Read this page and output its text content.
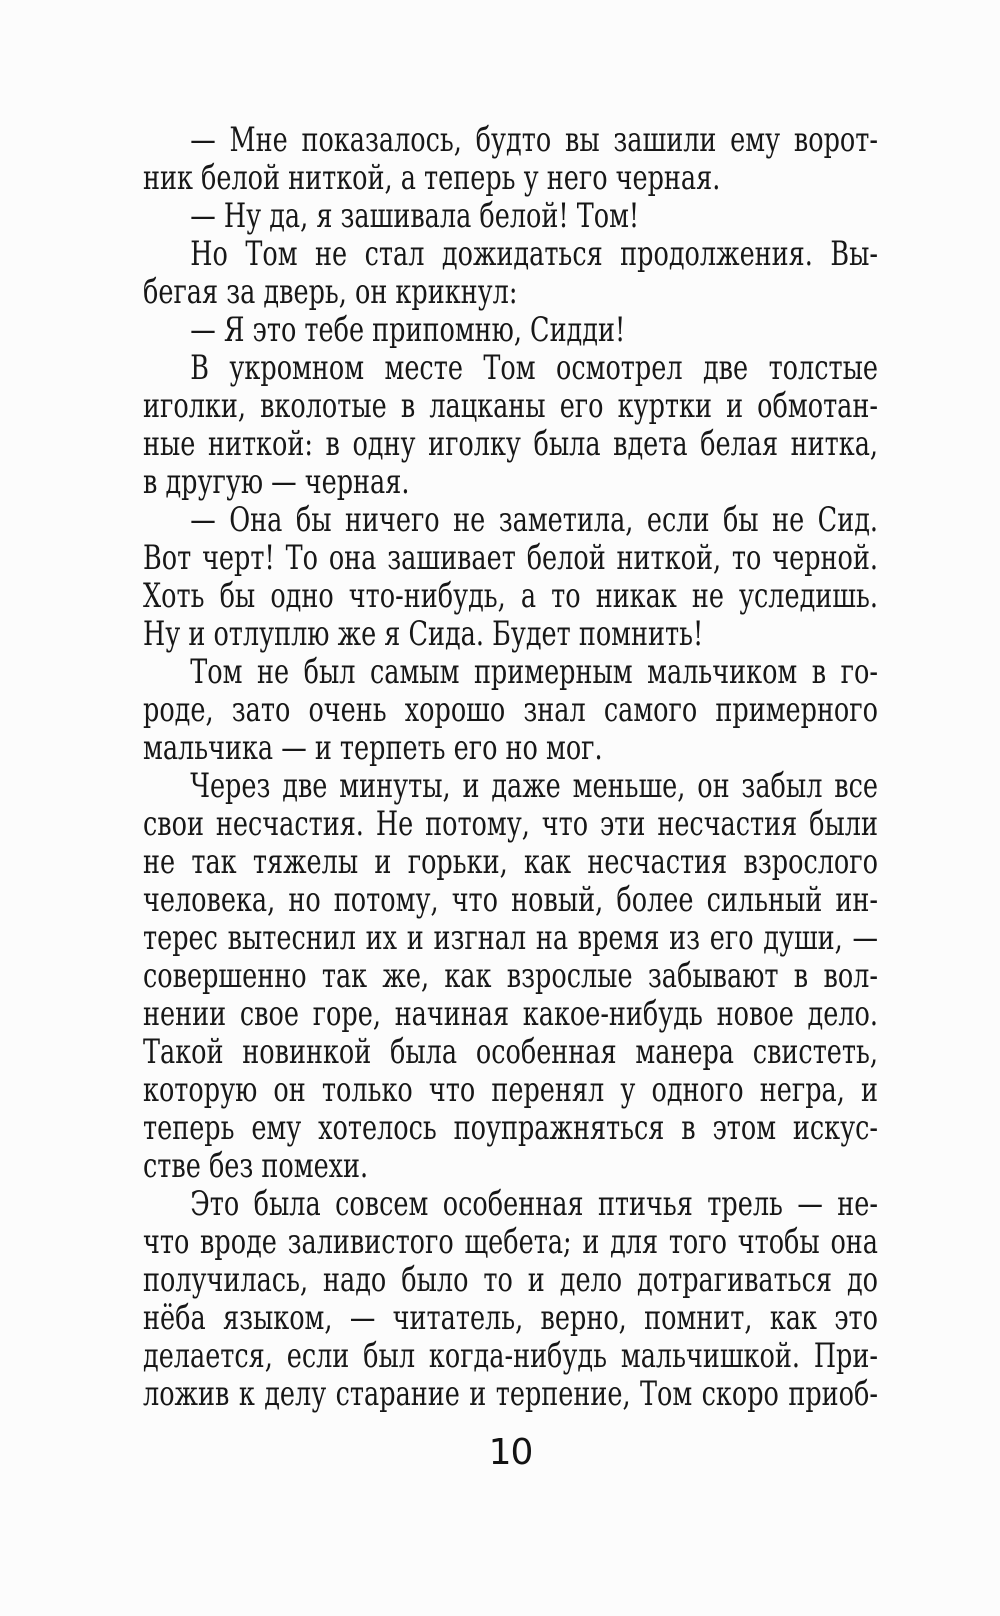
— Мне показалось, будто вы зашили ему ворот-
ник белой ниткой, а теперь у него черная.
— Ну да, я зашивала белой! Том!
Но Том не стал дожидаться продолжения. Вы-
бегая за дверь, он крикнул:
— Я это тебе припомню, Сидди!
В укромном месте Том осмотрел две толстые
иголки, вколотые в лацканы его куртки и обмотан-
ные ниткой: в одну иголку была вдета белая нитка,
в другую — черная.
— Она бы ничего не заметила, если бы не Сид.
Вот черт! То она зашивает белой ниткой, то черной.
Хоть бы одно что-нибудь, а то никак не уследишь.
Ну и отлуплю же я Сида. Будет помнить!
Том не был самым примерным мальчиком в го-
роде, зато очень хорошо знал самого примерного
мальчика — и терпеть его но мог.
Через две минуты, и даже меньше, он забыл все
свои несчастия. Не потому, что эти несчастия были
не так тяжелы и горьки, как несчастия взрослого
человека, но потому, что новый, более сильный ин-
терес вытеснил их и изгнал на время из его души, —
совершенно так же, как взрослые забывают в вол-
нении свое горе, начиная какое-нибудь новое дело.
Такой новинкой была особенная манера свистеть,
которую он только что перенял у одного негра, и
теперь ему хотелось поупражняться в этом искус-
стве без помехи.
Это была совсем особенная птичья трель — не-
что вроде заливистого щебета; и для того чтобы она
получилась, надо было то и дело дотрагиваться до
нёба языком, — читатель, верно, помнит, как это
делается, если был когда-нибудь мальчишкой. При-
ложив к делу старание и терпение, Том скоро приоб-
10
